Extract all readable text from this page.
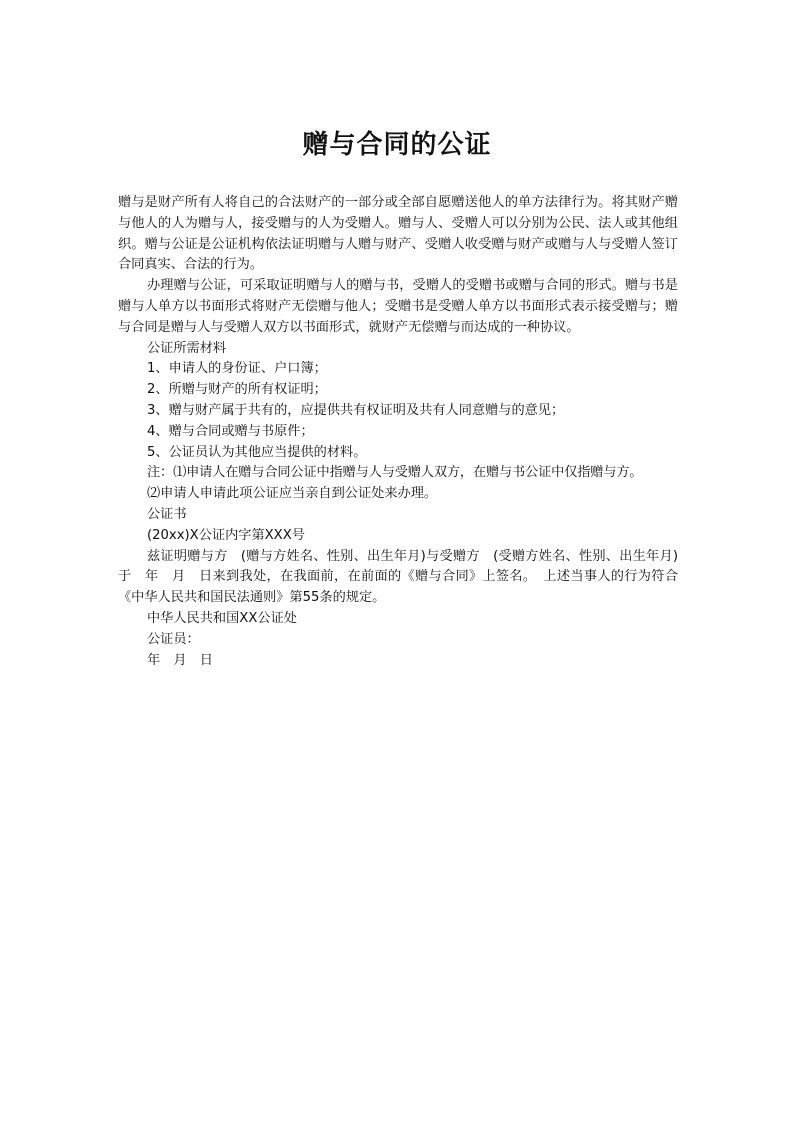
赠与合同的公证

赠与是财产所有人将自己的合法财产的一部分或全部自愿赠送他人的单方法律行为。将其财产赠与他人的人为赠与人，接受赠与的人为受赠人。赠与人、受赠人可以分别为公民、法人或其他组织。赠与公证是公证机构依法证明赠与人赠与财产、受赠人收受赠与财产或赠与人与受赠人签订合同真实、合法的行为。

办理赠与公证，可采取证明赠与人的赠与书，受赠人的受赠书或赠与合同的形式。赠与书是赠与人单方以书面形式将财产无偿赠与他人；受赠书是受赠人单方以书面形式表示接受赠与；赠与合同是赠与人与受赠人双方以书面形式，就财产无偿赠与而达成的一种协议。

公证所需材料

1、申请人的身份证、户口簿；

2、所赠与财产的所有权证明；

3、赠与财产属于共有的，应提供共有权证明及共有人同意赠与的意见；

4、赠与合同或赠与书原件；

5、公证员认为其他应当提供的材料。

注：⑴申请人在赠与合同公证中指赠与人与受赠人双方，在赠与书公证中仅指赠与方。

⑵申请人申请此项公证应当亲自到公证处来办理。

公证书

(20xx)X公证内字第XXX号

兹证明赠与方　(赠与方姓名、性别、出生年月)与受赠方　(受赠方姓名、性别、出生年月)于　年　月　日来到我处，在我面前，在前面的《赠与合同》上签名。　上述当事人的行为符合《中华人民共和国民法通则》第55条的规定。

中华人民共和国XX公证处

公证员：

年　月　日
